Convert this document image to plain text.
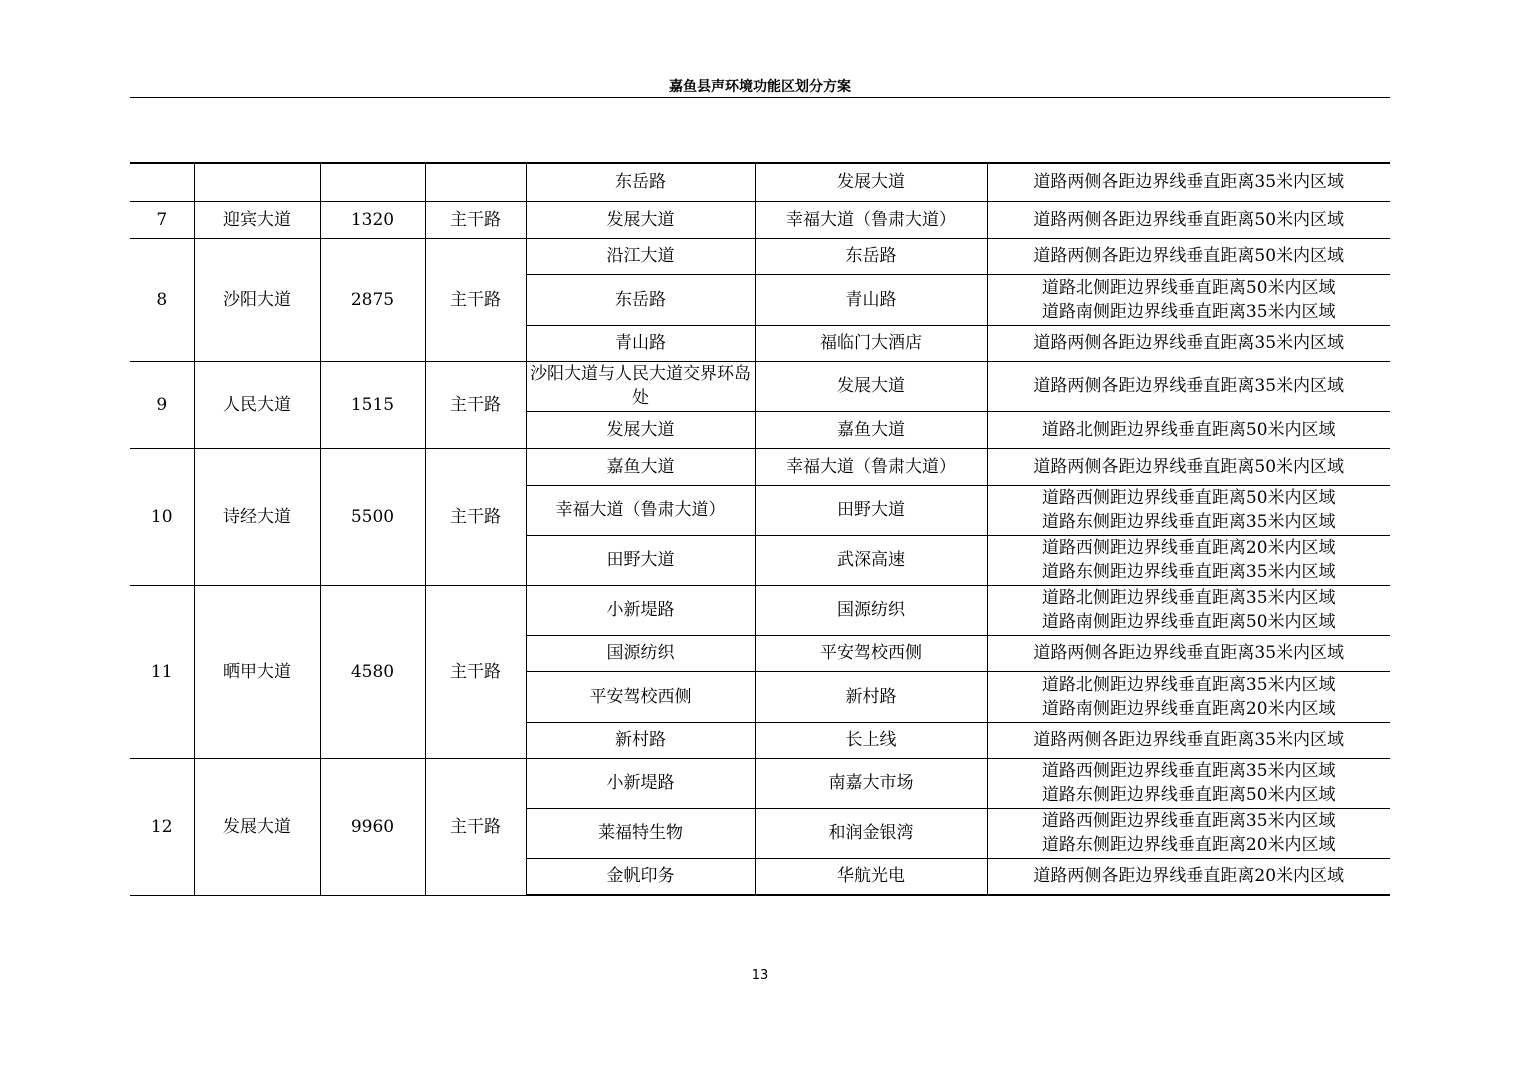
嘉鱼县声环境功能区划分方案
				东岳路	发展大道	道路两侧各距边界线垂直距离35米内区域

7	迎宾大道	1320	主干路	发展大道	幸福大道（鲁肃大道）	道路两侧各距边界线垂直距离50米内区域

8	沙阳大道	2875	主干路	沿江大道	东岳路	道路两侧各距边界线垂直距离50米内区域

				东岳路	青山路	道路北侧距边界线垂直距离50米内区域
道路南侧距边界线垂直距离35米内区域

				青山路	福临门大酒店	道路两侧各距边界线垂直距离35米内区域

9	人民大道	1515	主干路	沙阳大道与人民大道交界环岛处	发展大道	道路两侧各距边界线垂直距离35米内区域

				发展大道	嘉鱼大道	道路北侧距边界线垂直距离50米内区域

10	诗经大道	5500	主干路	嘉鱼大道	幸福大道（鲁肃大道）	道路两侧各距边界线垂直距离50米内区域

				幸福大道（鲁肃大道）	田野大道	道路西侧距边界线垂直距离50米内区域
道路东侧距边界线垂直距离35米内区域

				田野大道	武深高速	道路西侧距边界线垂直距离20米内区域
道路东侧距边界线垂直距离35米内区域

11	晒甲大道	4580	主干路	小新堤路	国源纺织	道路北侧距边界线垂直距离35米内区域
道路南侧距边界线垂直距离50米内区域

				国源纺织	平安驾校西侧	道路两侧各距边界线垂直距离35米内区域

				平安驾校西侧	新村路	道路北侧距边界线垂直距离35米内区域
道路南侧距边界线垂直距离20米内区域

				新村路	长上线	道路两侧各距边界线垂直距离35米内区域

12	发展大道	9960	主干路	小新堤路	南嘉大市场	道路西侧距边界线垂直距离35米内区域
道路东侧距边界线垂直距离50米内区域

				莱福特生物	和润金银湾	道路西侧距边界线垂直距离35米内区域
道路东侧距边界线垂直距离20米内区域

				金帆印务	华航光电	道路两侧各距边界线垂直距离20米内区域
13
